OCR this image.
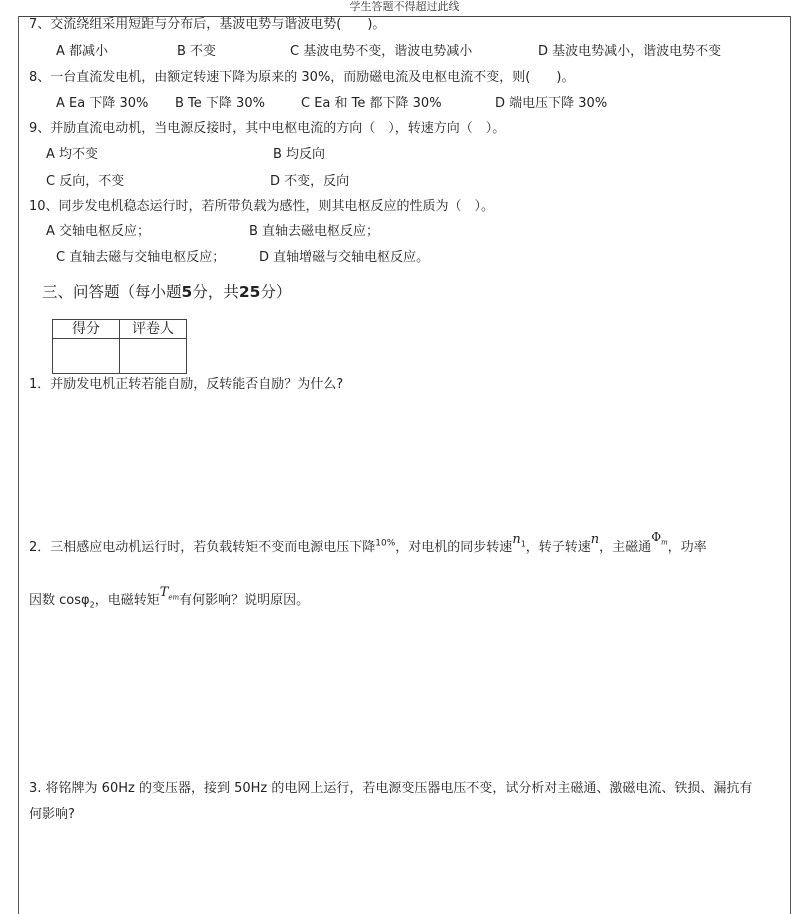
学生答题不得超过此线
7、交流绕组采用短距与分布后，基波电势与谐波电势(　　)。
A 都减小	B 不变	C 基波电势不变，谐波电势减小	D 基波电势减小，谐波电势不变
8、一台直流发电机，由额定转速下降为原来的 30%，而励磁电流及电枢电流不变，则(　　)。
A Ea 下降 30% B Te 下降 30%	C Ea 和 Te 都下降 30%	D 端电压下降 30%
9、并励直流电动机，当电源反接时，其中电枢电流的方向（　），转速方向（　）。
A 均不变	B 均反向
C 反向，不变	D 不变，反向
10、同步发电机稳态运行时，若所带负载为感性，则其电枢反应的性质为（　）。
A 交轴电枢反应；	B 直轴去磁电枢反应；
C 直轴去磁与交轴电枢反应；	D 直轴增磁与交轴电枢反应。
三、问答题（每小题5分，共25分）
得分	评卷人

1．并励发电机正转若能自励，反转能否自励？为什么?
2．三相感应电动机运行时，若负载转矩不变而电源电压下降$^{10\%}$，对电机的同步转速$n_1$，转子转速n，主磁通$\Phi_m$，功率
因数 cosφ$_2$，电磁转矩$T_{em}$有何影响？说明原因。
3. 将铭牌为 60Hz 的变压器，接到 50Hz 的电网上运行，若电源变压器电压不变，试分析对主磁通、激磁电流、铁损、漏抗有
何影响?
